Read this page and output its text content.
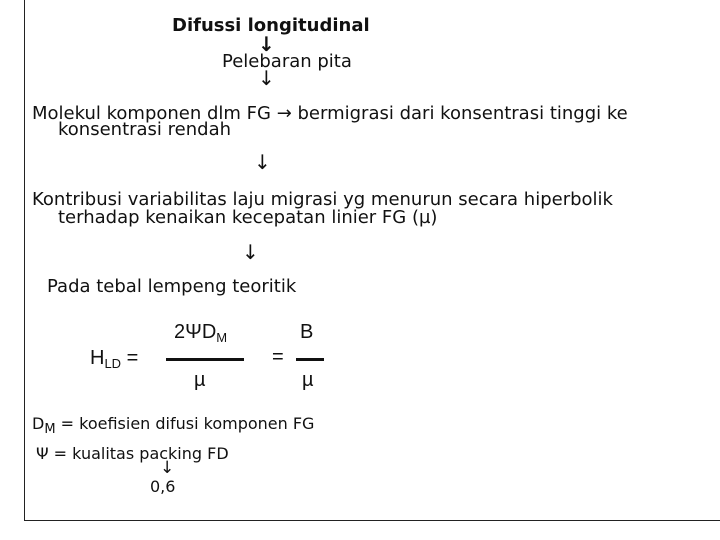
Difussi longitudinal
↓
Pelebaran pita
↓
Molekul komponen dlm FG → bermigrasi dari konsentrasi tinggi ke
konsentrasi rendah
↓
Kontribusi variabilitas laju migrasi yg menurun secara hiperbolik
terhadap kenaikan kecepatan linier FG (µ)
↓
Pada tebal lempeng teoritik
$H_{LD}$ =
$2\Psi D_M$
µ
=
B
µ
$D_M$ = koefisien difusi komponen FG
Ψ = kualitas packing FD
↓
0,6
